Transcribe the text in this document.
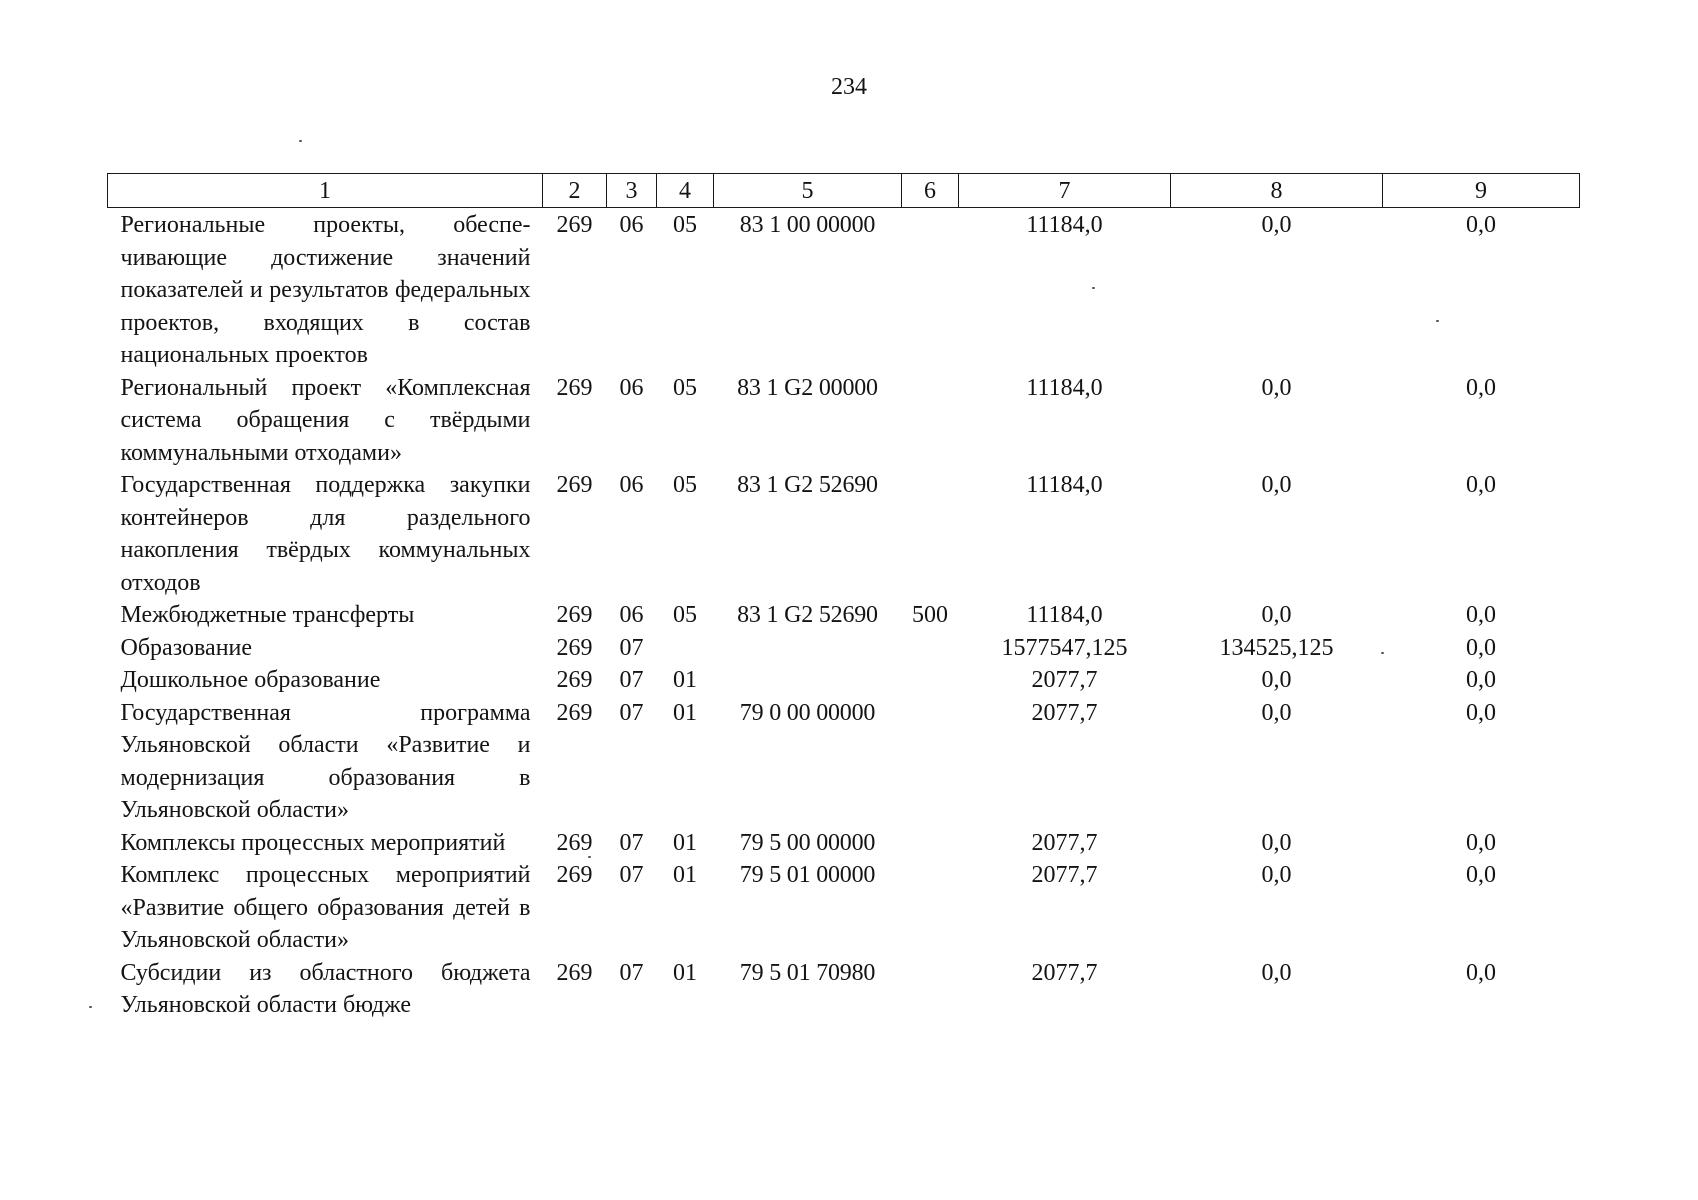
234
1	2	3	4	5	6	7	8	9
Региональные проекты, обеспечивающие достижение значений показателей и результатов федеральных проектов, входящих в состав национальных проектов	269	06	05	83 1 00 00000		11184,0	0,0	0,0
Региональный проект «Комплексная система обращения с твёрдыми коммунальными отходами»	269	06	05	83 1 G2 00000		11184,0	0,0	0,0
Государственная поддержка закупки контейнеров для раздельного накопления твёрдых коммунальных отходов	269	06	05	83 1 G2 52690		11184,0	0,0	0,0
Межбюджетные трансферты	269	06	05	83 1 G2 52690	500	11184,0	0,0	0,0
Образование	269	07				1577547,125	134525,125	0,0
Дошкольное образование	269	07	01			2077,7	0,0	0,0
Государственная программа Ульяновской области «Развитие и модернизация образования в Ульяновской области»	269	07	01	79 0 00 00000		2077,7	0,0	0,0
Комплексы процессных мероприятий	269	07	01	79 5 00 00000		2077,7	0,0	0,0
Комплекс процессных мероприятий «Развитие общего образования детей в Ульяновской области»	269	07	01	79 5 01 00000		2077,7	0,0	0,0
Субсидии из областного бюджета Ульяновской области бюдже	269	07	01	79 5 01 70980		2077,7	0,0	0,0
